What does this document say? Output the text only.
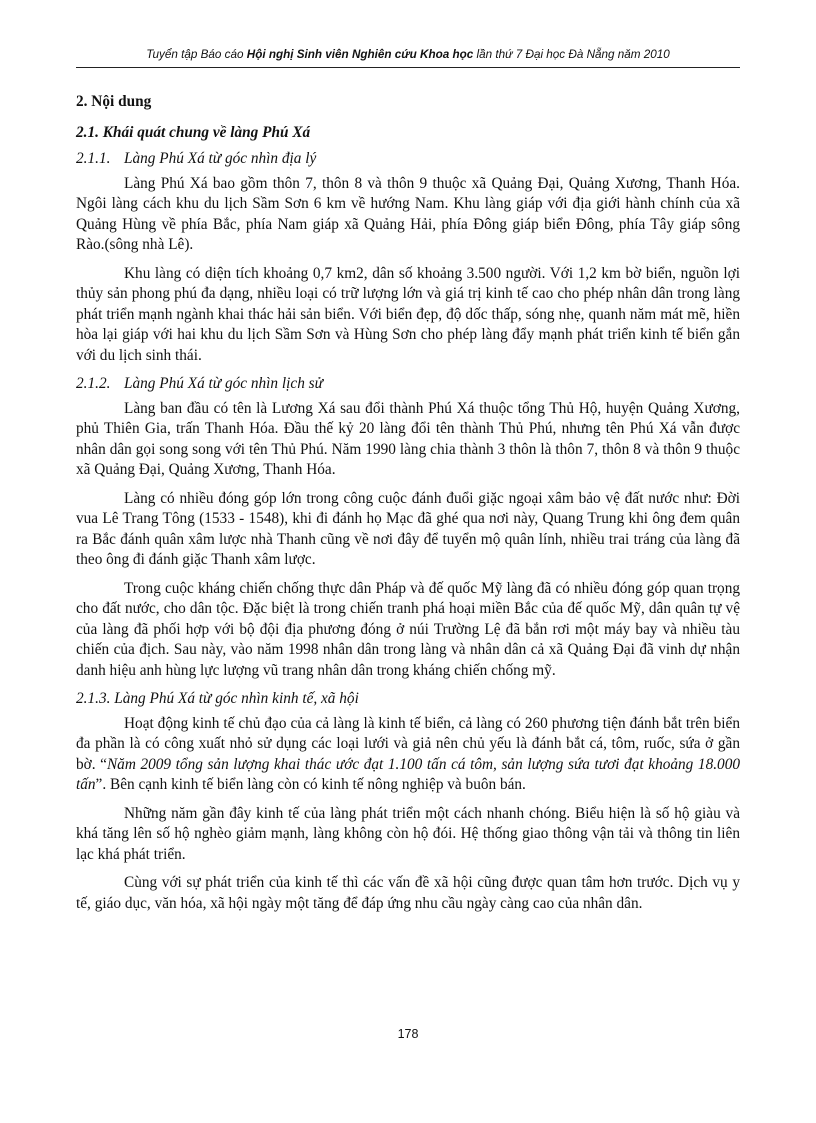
Tuyển tập Báo cáo Hội nghị Sinh viên Nghiên cứu Khoa học lần thứ 7 Đại học Đà Nẵng năm 2010
2. Nội dung
2.1. Khái quát chung về làng Phú Xá
2.1.1. Làng Phú Xá từ góc nhìn địa lý

Làng Phú Xá bao gồm thôn 7, thôn 8 và thôn 9 thuộc xã Quảng Đại, Quảng Xương, Thanh Hóa. Ngôi làng cách khu du lịch Sầm Sơn 6 km về hướng Nam. Khu làng giáp với địa giới hành chính của xã Quảng Hùng về phía Bắc, phía Nam giáp xã Quảng Hải, phía Đông giáp biển Đông, phía Tây giáp sông Rào.(sông nhà Lê).

Khu làng có diện tích khoảng 0,7 km2, dân số khoảng 3.500 người. Với 1,2 km bờ biển, nguồn lợi thủy sản phong phú đa dạng, nhiều loại có trữ lượng lớn và giá trị kinh tế cao cho phép nhân dân trong làng phát triển mạnh ngành khai thác hải sản biển. Với biển đẹp, độ dốc thấp, sóng nhẹ, quanh năm mát mẽ, hiền hòa lại giáp với hai khu du lịch Sầm Sơn và Hùng Sơn cho phép làng đẩy mạnh phát triển kinh tế biển gắn với du lịch sinh thái.

2.1.2. Làng Phú Xá từ góc nhìn lịch sử

Làng ban đầu có tên là Lương Xá sau đổi thành Phú Xá thuộc tổng Thủ Hộ, huyện Quảng Xương, phủ Thiên Gia, trấn Thanh Hóa. Đầu thế kỷ 20 làng đổi tên thành Thủ Phú, nhưng tên Phú Xá vẫn được nhân dân gọi song song với tên Thủ Phú. Năm 1990 làng chia thành 3 thôn là thôn 7, thôn 8 và thôn 9 thuộc xã Quảng Đại, Quảng Xương, Thanh Hóa.

Làng có nhiều đóng góp lớn trong công cuộc đánh đuổi giặc ngoại xâm bảo vệ đất nước như: Đời vua Lê Trang Tông (1533 - 1548), khi đi đánh họ Mạc đã ghé qua nơi này, Quang Trung khi ông đem quân ra Bắc đánh quân xâm lược nhà Thanh cũng về nơi đây để tuyển mộ quân lính, nhiều trai tráng của làng đã theo ông đi đánh giặc Thanh xâm lược.

Trong cuộc kháng chiến chống thực dân Pháp và đế quốc Mỹ làng đã có nhiều đóng góp quan trọng cho đất nước, cho dân tộc. Đặc biệt là trong chiến tranh phá hoại miền Bắc của đế quốc Mỹ, dân quân tự vệ của làng đã phối hợp với bộ đội địa phương đóng ở núi Trường Lệ đã bắn rơi một máy bay và nhiều tàu chiến của địch. Sau này, vào năm 1998 nhân dân trong làng và nhân dân cả xã Quảng Đại đã vinh dự nhận danh hiệu anh hùng lực lượng vũ trang nhân dân trong kháng chiến chống mỹ.

2.1.3. Làng Phú Xá từ góc nhìn kinh tế, xã hội

Hoạt động kinh tế chủ đạo của cả làng là kinh tế biển, cả làng có 260 phương tiện đánh bắt trên biển đa phần là có công xuất nhỏ sử dụng các loại lưới và giả nên chủ yếu là đánh bắt cá, tôm, ruốc, sứa ở gần bờ. “Năm 2009 tổng sản lượng khai thác ước đạt 1.100 tấn cá tôm, sản lượng sứa tươi đạt khoảng 18.000 tấn”. Bên cạnh kinh tế biển làng còn có kinh tế nông nghiệp và buôn bán.

Những năm gần đây kinh tế của làng phát triển một cách nhanh chóng. Biểu hiện là số hộ giàu và khá tăng lên số hộ nghèo giảm mạnh, làng không còn hộ đói. Hệ thống giao thông vận tải và thông tin liên lạc khá phát triển.

Cùng với sự phát triển của kinh tế thì các vấn đề xã hội cũng được quan tâm hơn trước. Dịch vụ y tế, giáo dục, văn hóa, xã hội ngày một tăng để đáp ứng nhu cầu ngày càng cao của nhân dân.

178
